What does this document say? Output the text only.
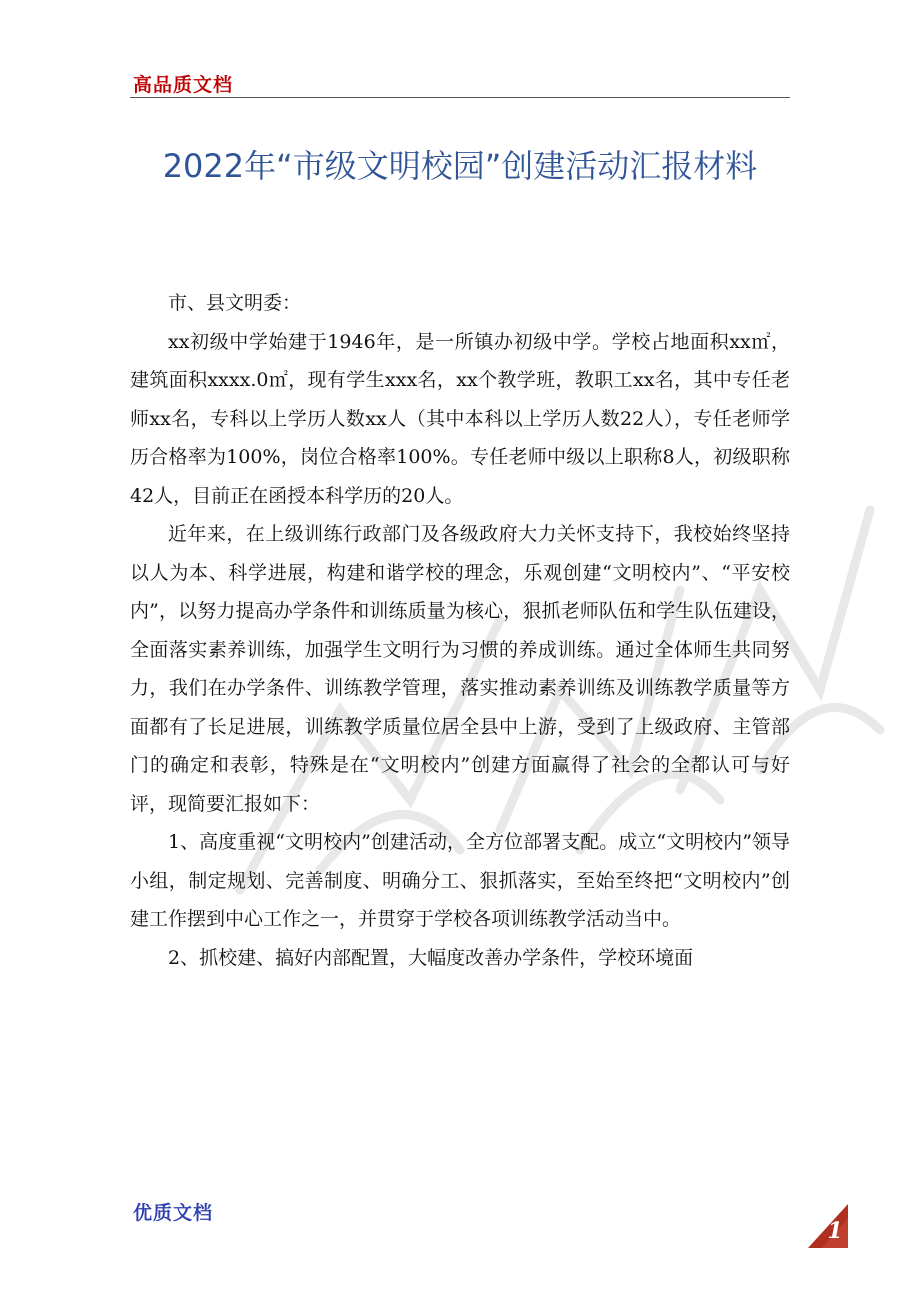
高品质文档
2022年“市级文明校园”创建活动汇报材料

市、县文明委：

xx初级中学始建于1946年，是一所镇办初级中学。学校占地面积xx㎡，建筑面积xxxx.0㎡，现有学生xxx名，xx个教学班，教职工xx名，其中专任老师xx名，专科以上学历人数xx人（其中本科以上学历人数22人），专任老师学历合格率为100%，岗位合格率100%。专任老师中级以上职称8人，初级职称42人，目前正在函授本科学历的20人。

近年来，在上级训练行政部门及各级政府大力关怀支持下，我校始终坚持以人为本、科学进展，构建和谐学校的理念，乐观创建“文明校内”、“平安校内”，以努力提高办学条件和训练质量为核心，狠抓老师队伍和学生队伍建设，全面落实素养训练，加强学生文明行为习惯的养成训练。通过全体师生共同努力，我们在办学条件、训练教学管理，落实推动素养训练及训练教学质量等方面都有了长足进展，训练教学质量位居全县中上游，受到了上级政府、主管部门的确定和表彰，特殊是在“文明校内”创建方面赢得了社会的全都认可与好评，现简要汇报如下：

1、高度重视“文明校内”创建活动，全方位部署支配。成立“文明校内”领导小组，制定规划、完善制度、明确分工、狠抓落实，至始至终把“文明校内”创建工作摆到中心工作之一，并贯穿于学校各项训练教学活动当中。

2、抓校建、搞好内部配置，大幅度改善办学条件，学校环境面

优质文档
1
